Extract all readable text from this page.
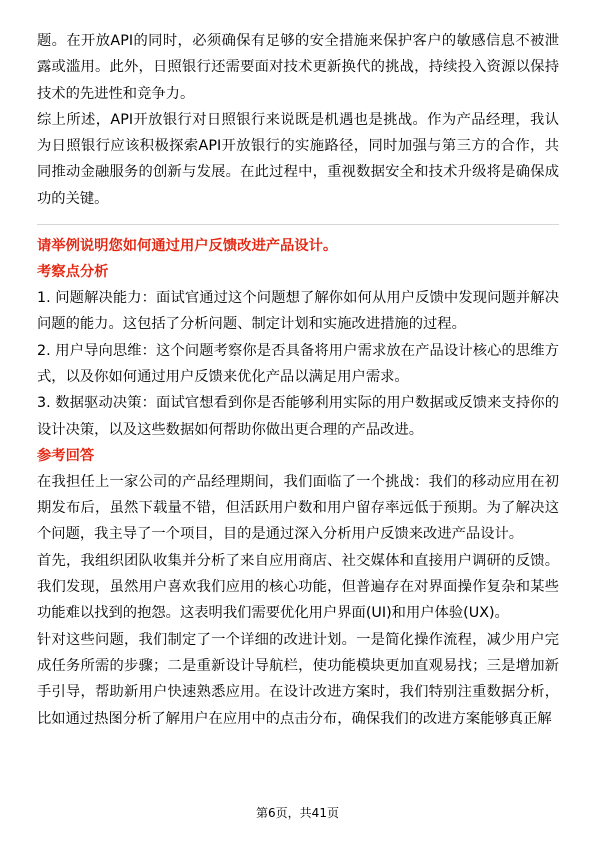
题。在开放API的同时，必须确保有足够的安全措施来保护客户的敏感信息不被泄露或滥用。此外，日照银行还需要面对技术更新换代的挑战，持续投入资源以保持技术的先进性和竞争力。

综上所述，API开放银行对日照银行来说既是机遇也是挑战。作为产品经理，我认为日照银行应该积极探索API开放银行的实施路径，同时加强与第三方的合作，共同推动金融服务的创新与发展。在此过程中，重视数据安全和技术升级将是确保成功的关键。

请举例说明您如何通过用户反馈改进产品设计。

考察点分析

1. 问题解决能力：面试官通过这个问题想了解你如何从用户反馈中发现问题并解决问题的能力。这包括了分析问题、制定计划和实施改进措施的过程。

2. 用户导向思维：这个问题考察你是否具备将用户需求放在产品设计核心的思维方式，以及你如何通过用户反馈来优化产品以满足用户需求。

3. 数据驱动决策：面试官想看到你是否能够利用实际的用户数据或反馈来支持你的设计决策，以及这些数据如何帮助你做出更合理的产品改进。

参考回答

在我担任上一家公司的产品经理期间，我们面临了一个挑战：我们的移动应用在初期发布后，虽然下载量不错，但活跃用户数和用户留存率远低于预期。为了解决这个问题，我主导了一个项目，目的是通过深入分析用户反馈来改进产品设计。

首先，我组织团队收集并分析了来自应用商店、社交媒体和直接用户调研的反馈。我们发现，虽然用户喜欢我们应用的核心功能，但普遍存在对界面操作复杂和某些功能难以找到的抱怨。这表明我们需要优化用户界面(UI)和用户体验(UX)。

针对这些问题，我们制定了一个详细的改进计划。一是简化操作流程，减少用户完成任务所需的步骤；二是重新设计导航栏，使功能模块更加直观易找；三是增加新手引导，帮助新用户快速熟悉应用。在设计改进方案时，我们特别注重数据分析，比如通过热图分析了解用户在应用中的点击分布，确保我们的改进方案能够真正解

第6页，共41页
